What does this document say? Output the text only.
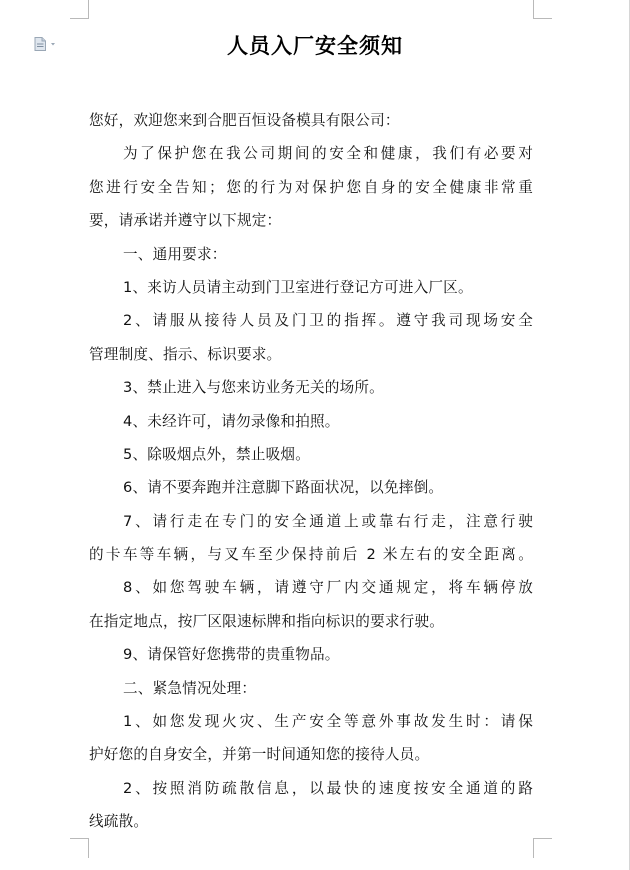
人员入厂安全须知
您好，欢迎您来到合肥百恒设备模具有限公司：
为了保护您在我公司期间的安全和健康，我们有必要对
您进行安全告知；您的行为对保护您自身的安全健康非常重
要，请承诺并遵守以下规定：
一、通用要求：
1、来访人员请主动到门卫室进行登记方可进入厂区。
2、请服从接待人员及门卫的指挥。遵守我司现场安全
管理制度、指示、标识要求。
3、禁止进入与您来访业务无关的场所。
4、未经许可，请勿录像和拍照。
5、除吸烟点外，禁止吸烟。
6、请不要奔跑并注意脚下路面状况，以免摔倒。
7、请行走在专门的安全通道上或靠右行走，注意行驶
的卡车等车辆，与叉车至少保持前后 2 米左右的安全距离。
8、如您驾驶车辆，请遵守厂内交通规定，将车辆停放
在指定地点，按厂区限速标牌和指向标识的要求行驶。
9、请保管好您携带的贵重物品。
二、紧急情况处理：
1、如您发现火灾、生产安全等意外事故发生时：请保
护好您的自身安全，并第一时间通知您的接待人员。
2、按照消防疏散信息，以最快的速度按安全通道的路
线疏散。
